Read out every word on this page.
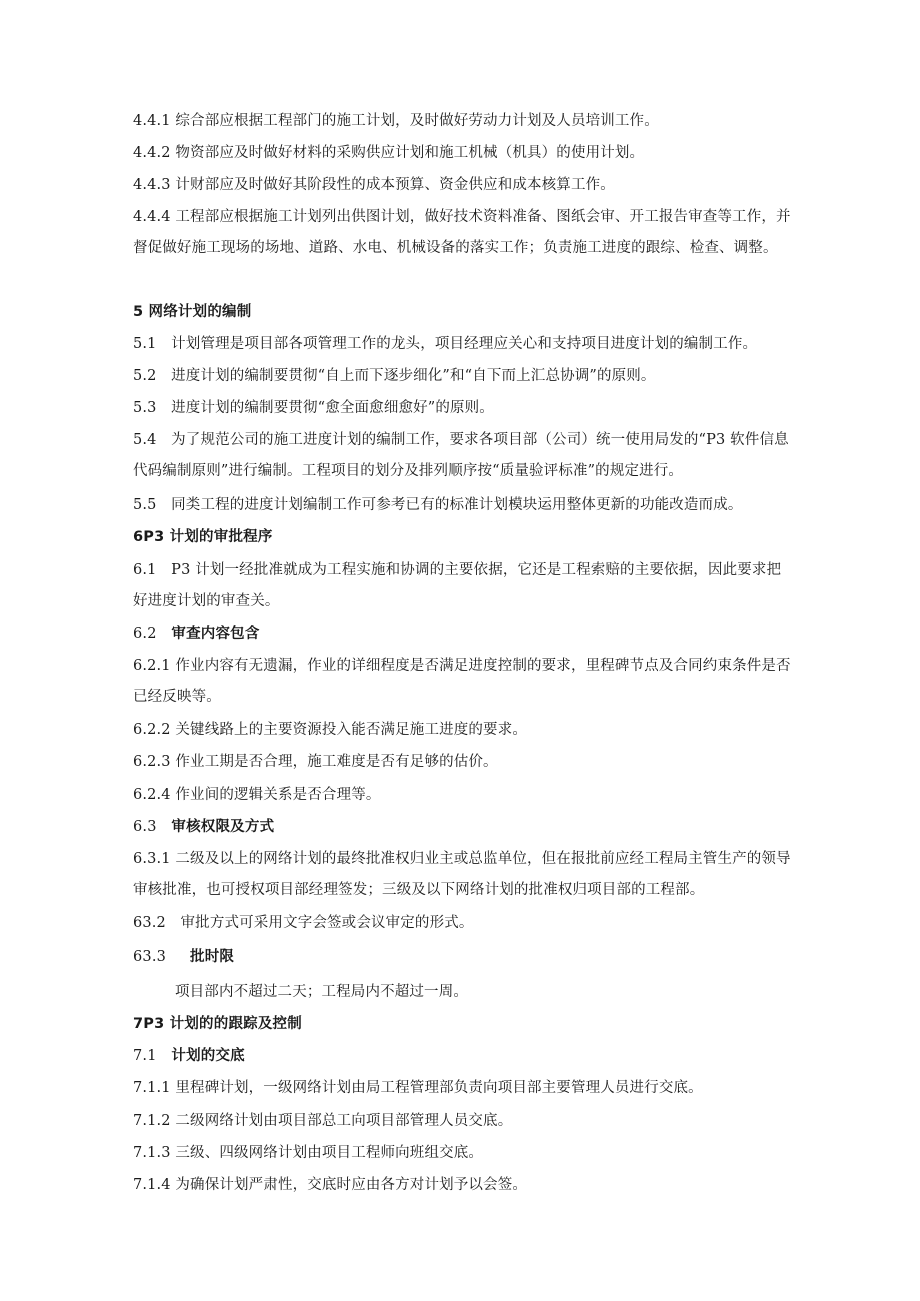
4.4.1 综合部应根据工程部门的施工计划，及时做好劳动力计划及人员培训工作。

4.4.2 物资部应及时做好材料的采购供应计划和施工机械（机具）的使用计划。

4.4.3 计财部应及时做好其阶段性的成本预算、资金供应和成本核算工作。

4.4.4 工程部应根据施工计划列出供图计划，做好技术资料准备、图纸会审、开工报告审查等工作，并督促做好施工现场的场地、道路、水电、机械设备的落实工作；负责施工进度的跟综、检查、调整。

5 网络计划的编制

5.1　计划管理是项目部各项管理工作的龙头，项目经理应关心和支持项目进度计划的编制工作。

5.2　进度计划的编制要贯彻“自上而下逐步细化”和“自下而上汇总协调”的原则。

5.3　进度计划的编制要贯彻“愈全面愈细愈好”的原则。

5.4　为了规范公司的施工进度计划的编制工作，要求各项目部（公司）统一使用局发的“P3 软件信息代码编制原则”进行编制。工程项目的划分及排列顺序按“质量验评标准”的规定进行。

5.5　同类工程的进度计划编制工作可参考已有的标准计划模块运用整体更新的功能改造而成。

6P3 计划的审批程序

6.1　P3 计划一经批准就成为工程实施和协调的主要依据，它还是工程索赔的主要依据，因此要求把好进度计划的审查关。

6.2　 审查内容包含

6.2.1 作业内容有无遗漏，作业的详细程度是否满足进度控制的要求，里程碑节点及合同约束条件是否已经反映等。

6.2.2 关键线路上的主要资源投入能否满足施工进度的要求。

6.2.3 作业工期是否合理，施工难度是否有足够的估价。

6.2.4 作业间的逻辑关系是否合理等。

6.3　 审核权限及方式

6.3.1 二级及以上的网络计划的最终批准权归业主或总监单位，但在报批前应经工程局主管生产的领导审核批准，也可授权项目部经理签发；三级及以下网络计划的批准权归项目部的工程部。

63.2　审批方式可采用文字会签或会议审定的形式。

63.3 批时限

项目部内不超过二天；工程局内不超过一周。

7P3 计划的的跟踪及控制

7.1　 计划的交底

7.1.1 里程碑计划，一级网络计划由局工程管理部负责向项目部主要管理人员进行交底。

7.1.2 二级网络计划由项目部总工向项目部管理人员交底。

7.1.3 三级、四级网络计划由项目工程师向班组交底。

7.1.4 为确保计划严肃性，交底时应由各方对计划予以会签。
